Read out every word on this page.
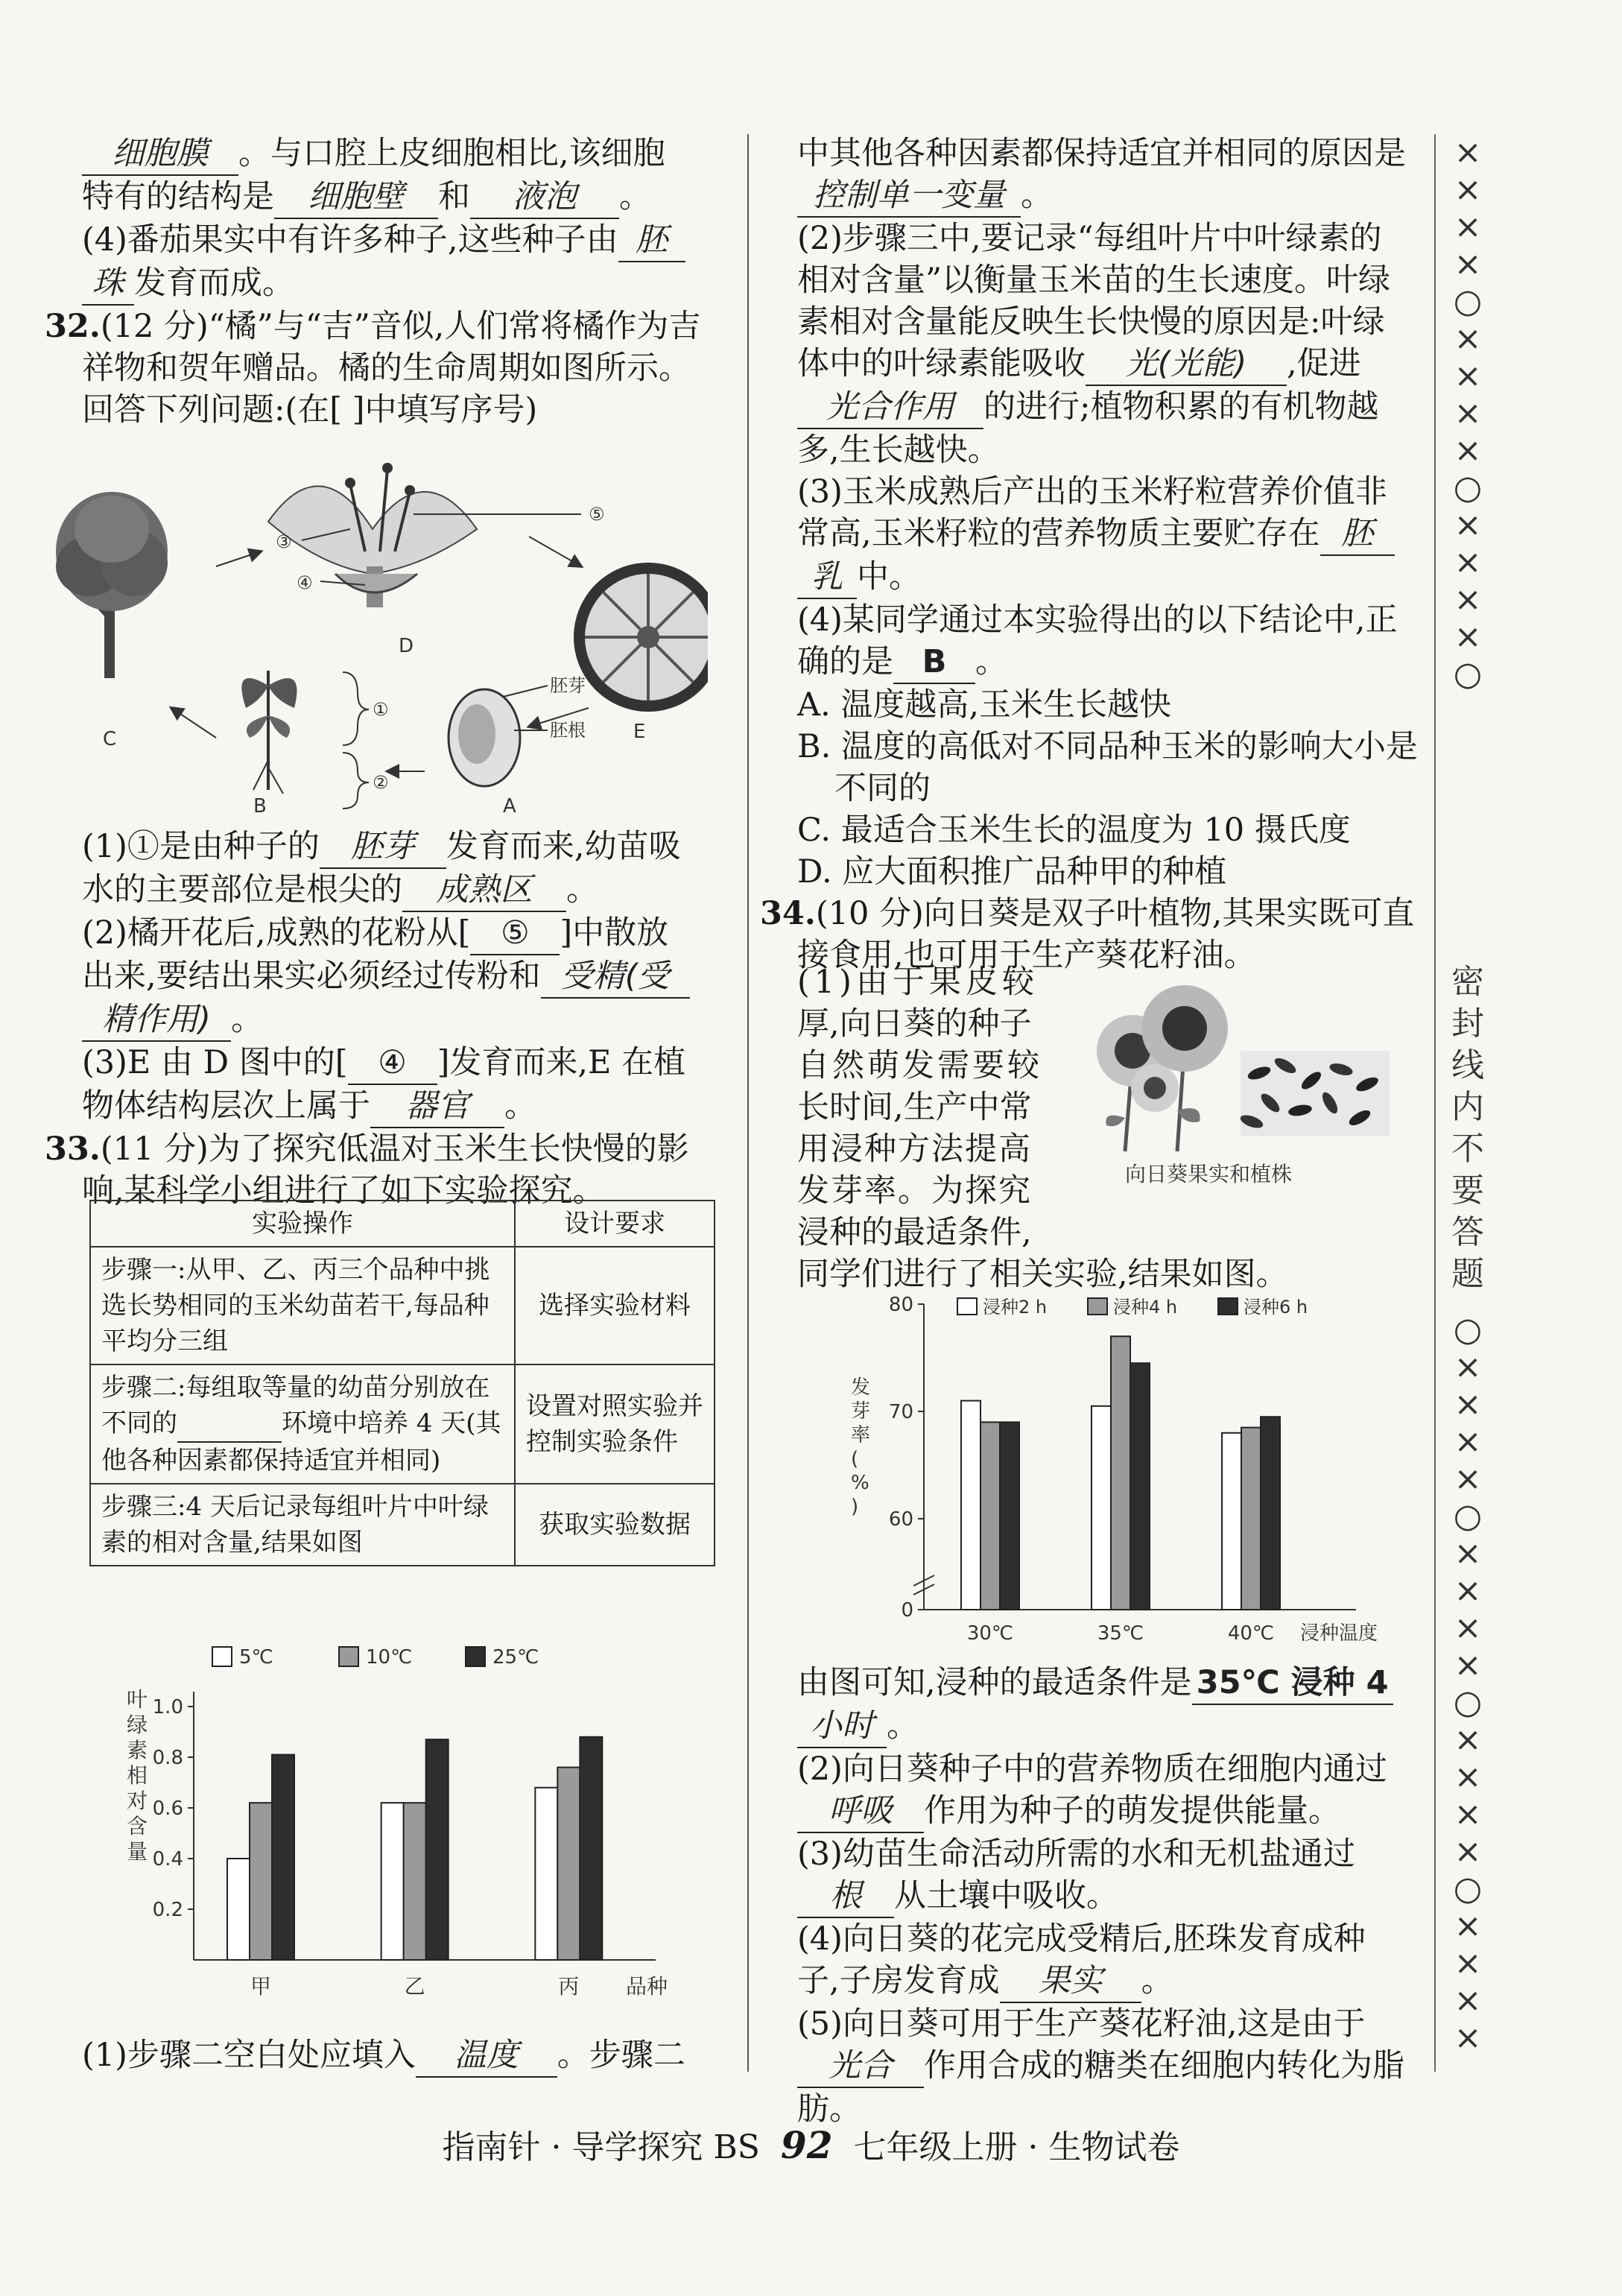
细胞膜 。与口腔上皮细胞相比,该细胞

特有的结构是 细胞壁 和 液泡 。

(4)番茄果实中有许多种子,这些种子由 胚

珠 发育而成。

32.(12 分)“橘”与“吉”音似,人们常将橘作为吉

祥物和贺年赠品。橘的生命周期如图所示。

回答下列问题:(在[ ]中填写序号)

C
⑤
③
④
D
E
①
②
B
胚芽
胚根
A

(1)①是由种子的 胚芽 发育而来,幼苗吸

水的主要部位是根尖的 成熟区 。

(2)橘开花后,成熟的花粉从[ ⑤ ]中散放

出来,要结出果实必须经过传粉和 受精(受

精作用) 。

(3)E 由 D 图中的[ ④ ]发育而来,E 在植

物体结构层次上属于 器官 。

33.(11 分)为了探究低温对玉米生长快慢的影

响,某科学小组进行了如下实验探究。

实验操作	设计要求
步骤一:从甲、乙、丙三个品种中挑选长势相同的玉米幼苗若干,每品种平均分三组	选择实验材料
步骤二:每组取等量的幼苗分别放在不同的 环境中培养 4 天(其他各种因素都保持适宜并相同)	设置对照实验并控制实验条件
步骤三:4 天后记录每组叶片中叶绿素的相对含量,结果如图	获取实验数据
1.0
0.8
0.6
0.4
0.2
叶
绿
素
相
对
含
量
甲	乙	丙 品种
5℃	10℃	25℃

(1)步骤二空白处应填入 温度 。步骤二

中其他各种因素都保持适宜并相同的原因是

控制单一变量 。

(2)步骤三中,要记录“每组叶片中叶绿素的

相对含量”以衡量玉米苗的生长速度。叶绿

素相对含量能反映生长快慢的原因是:叶绿

体中的叶绿素能吸收 光(光能) ,促进

光合作用 的进行;植物积累的有机物越

多,生长越快。

(3)玉米成熟后产出的玉米籽粒营养价值非

常高,玉米籽粒的营养物质主要贮存在 胚

乳 中。

(4)某同学通过本实验得出的以下结论中,正

确的是 B 。

A. 温度越高,玉米生长越快

B. 温度的高低对不同品种玉米的影响大小是

不同的

C. 最适合玉米生长的温度为 10 摄氏度

D. 应大面积推广品种甲的种植

34.(10 分)向日葵是双子叶植物,其果实既可直

接食用,也可用于生产葵花籽油。

(1)由于果皮较

厚,向日葵的种子

自然萌发需要较

长时间,生产中常

用浸种方法提高

发芽率。为探究

浸种的最适条件,

向日葵果实和植株

同学们进行了相关实验,结果如图。

80
70
60
0
发
芽
率
(
%
)
30℃	35℃	40℃ 浸种温度
浸种2 h	浸种4 h	浸种6 h

由图可知,浸种的最适条件是 35℃ 浸种 4

小时 。

(2)向日葵种子中的营养物质在细胞内通过

呼吸 作用为种子的萌发提供能量。

(3)幼苗生命活动所需的水和无机盐通过

根 从土壤中吸收。

(4)向日葵的花完成受精后,胚珠发育成种

子,子房发育成 果实 。

(5)向日葵可用于生产葵花籽油,这是由于

光合 作用合成的糖类在细胞内转化为脂肪。

×
×
×
×
○
×
×
×
×
○
×
×
×
×
○
密
封
线
内
不
要
答
题
○
×
×
×
×
○
×
×
×
×
○
×
×
×
×
○
×
×
×
×
指南针 · 导学探究 BS 92 七年级上册 · 生物试卷
